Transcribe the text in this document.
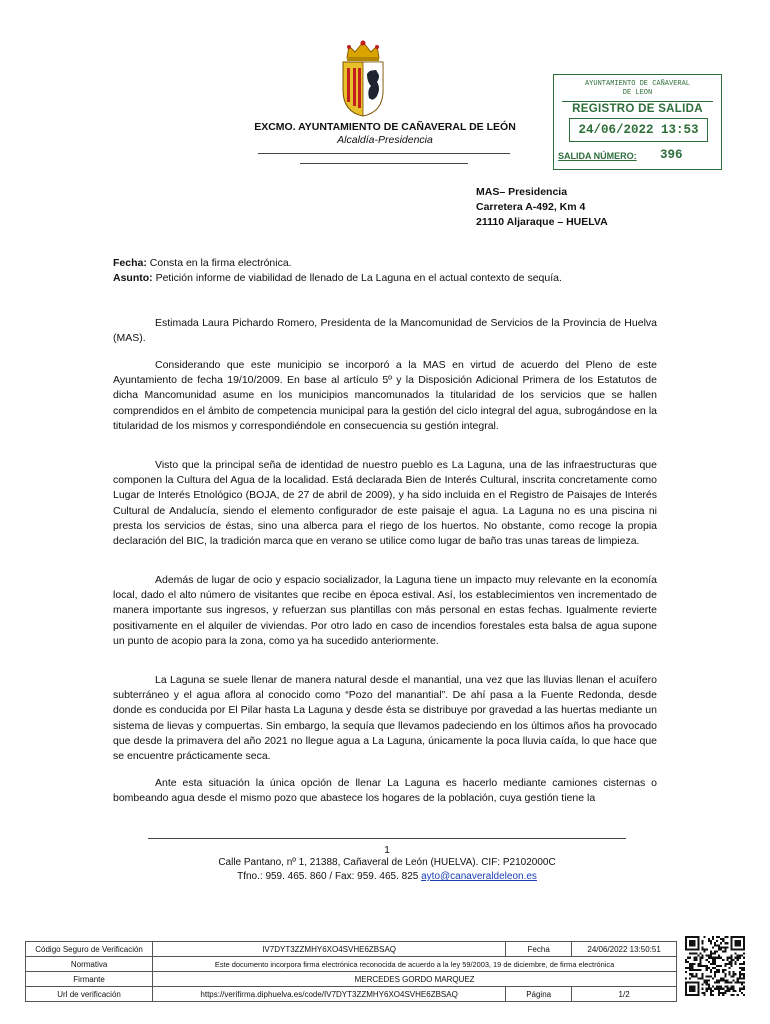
EXCMO. AYUNTAMIENTO DE CAÑAVERAL DE LEÓN
Alcaldía-Presidencia
AYUNTAMIENTO DE CAÑAVERAL
DE LEON
REGISTRO DE SALIDA
24/06/2022 13:53
SALIDA NÚMERO: 396
MAS– Presidencia
Carretera A-492, Km 4
21110 Aljaraque – HUELVA
Fecha: Consta en la firma electrónica.
Asunto: Petición informe de viabilidad de llenado de La Laguna en el actual contexto de sequía.
Estimada Laura Pichardo Romero, Presidenta de la Mancomunidad de Servicios de la Provincia de Huelva (MAS).
Considerando que este municipio se incorporó a la MAS en virtud de acuerdo del Pleno de este Ayuntamiento de fecha 19/10/2009. En base al artículo 5º y la Disposición Adicional Primera de los Estatutos de dicha Mancomunidad asume en los municipios mancomunados la titularidad de los servicios que se hallen comprendidos en el ámbito de competencia municipal para la gestión del ciclo integral del agua, subrogándose en la titularidad de los mismos y correspondiéndole en consecuencia su gestión integral.
Visto que la principal seña de identidad de nuestro pueblo es La Laguna, una de las infraestructuras que componen la Cultura del Agua de la localidad. Está declarada Bien de Interés Cultural, inscrita concretamente como Lugar de Interés Etnológico (BOJA, de 27 de abril de 2009), y ha sido incluida en el Registro de Paisajes de Interés Cultural de Andalucía, siendo el elemento configurador de este paisaje el agua. La Laguna no es una piscina ni presta los servicios de éstas, sino una alberca para el riego de los huertos. No obstante, como recoge la propia declaración del BIC, la tradición marca que en verano se utilice como lugar de baño tras unas tareas de limpieza.
Además de lugar de ocio y espacio socializador, la Laguna tiene un impacto muy relevante en la economía local, dado el alto número de visitantes que recibe en época estival. Así, los establecimientos ven incrementado de manera importante sus ingresos, y refuerzan sus plantillas con más personal en estas fechas. Igualmente revierte positivamente en el alquiler de viviendas. Por otro lado en caso de incendios forestales esta balsa de agua supone un punto de acopio para la zona, como ya ha sucedido anteriormente.
La Laguna se suele llenar de manera natural desde el manantial, una vez que las lluvias llenan el acuífero subterráneo y el agua aflora al conocido como “Pozo del manantial”. De ahí pasa a la Fuente Redonda, desde donde es conducida por El Pilar hasta La Laguna y desde ésta se distribuye por gravedad a las huertas mediante un sistema de lievas y compuertas. Sin embargo, la sequía que llevamos padeciendo en los últimos años ha provocado que desde la primavera del año 2021 no llegue agua a La Laguna, únicamente la poca lluvia caída, lo que hace que se encuentre prácticamente seca.
Ante esta situación la única opción de llenar La Laguna es hacerlo mediante camiones cisternas o bombeando agua desde el mismo pozo que abastece los hogares de la población, cuya gestión tiene la
1
Calle Pantano, nº 1, 21388, Cañaveral de León (HUELVA). CIF: P2102000C
Tfno.: 959. 465. 860 / Fax: 959. 465. 825 ayto@canaveraldeleon.es
Código Seguro de Verificación	IV7DYT3ZZMHY6XO4SVHE6ZBSAQ	Fecha	24/06/2022 13:50:51
Normativa	Este documento incorpora firma electrónica reconocida de acuerdo a la ley 59/2003, 19 de diciembre, de firma electrónica		
Firmante	MERCEDES GORDO MARQUEZ		
Url de verificación	https://verifirma.diphuelva.es/code/IV7DYT3ZZMHY6XO4SVHE6ZBSAQ	Página	1/2
